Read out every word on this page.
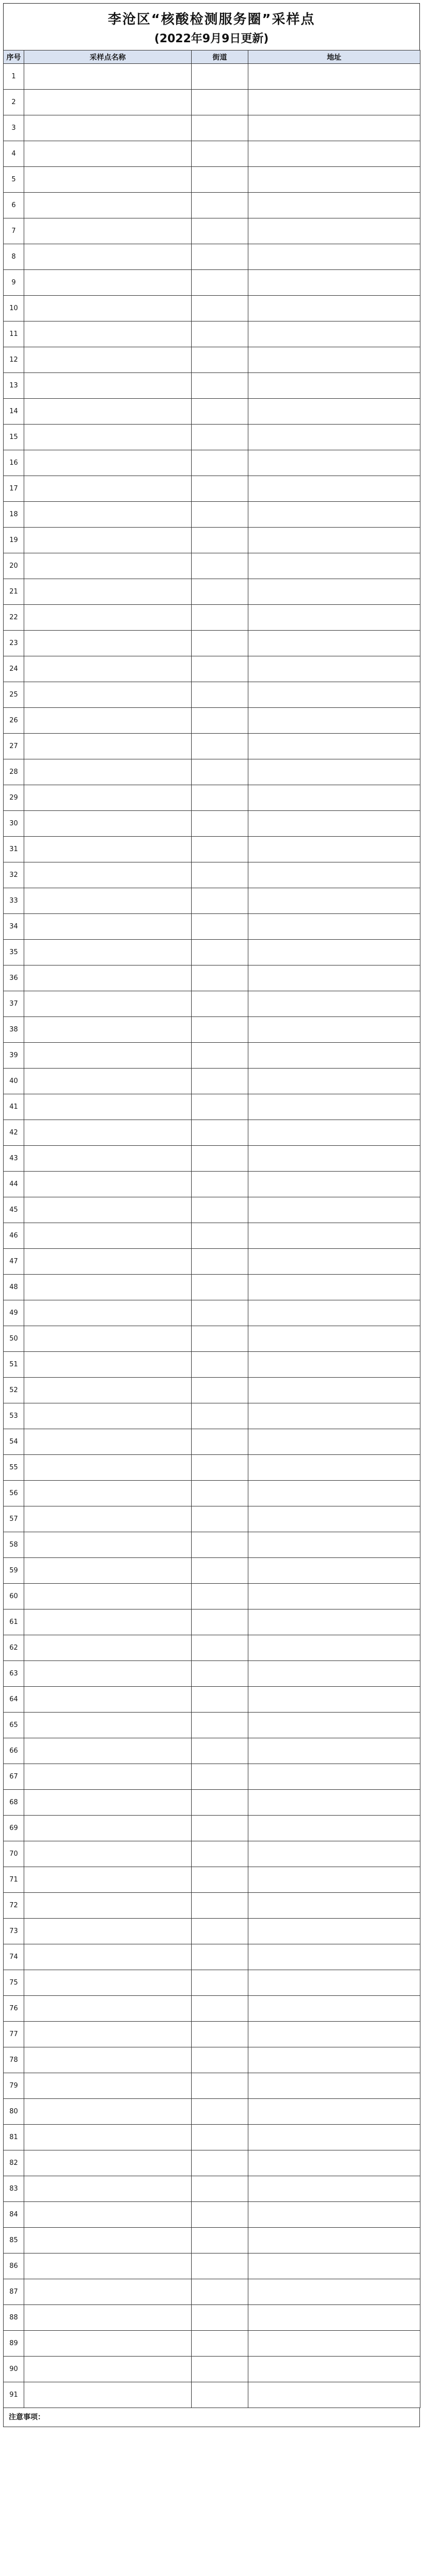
李沧区“核酸检测服务圈”采样点
(2022年9月9日更新)
序号	采样点名称	街道	地址
1			
2			
3			
4			
5			
6			
7			
8			
9			
10			
11			
12			
13			
14			
15			
16			
17			
18			
19			
20			
21			
22			
23			
24			
25			
26			
27			
28			
29			
30			
31			
32			
33			
34			
35			
36			
37			
38			
39			
40			
41			
42			
43			
44			
45			
46			
47			
48			
49			
50			
51			
52			
53			
54			
55			
56			
57			
58			
59			
60			
61			
62			
63			
64			
65			
66			
67			
68			
69			
70			
71			
72			
73			
74			
75			
76			
77			
78			
79			
80			
81			
82			
83			
84			
85			
86			
87			
88			
89			
90			
91			
注意事项：
